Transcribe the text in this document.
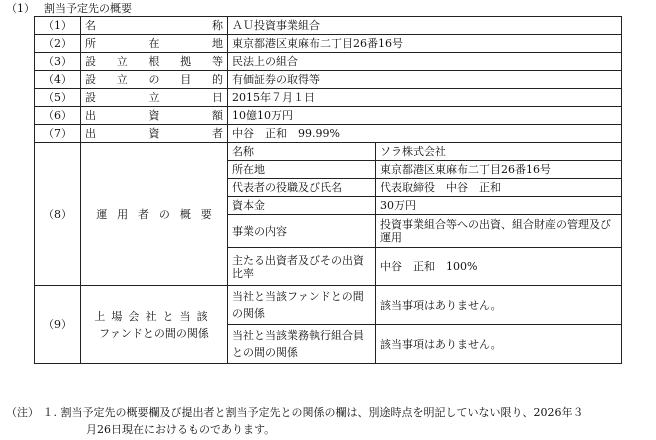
（1） 割当予定先の概要
（1）	名 称	ＡＵ投資事業組合	
（2）	所 在 地	東京都港区東麻布二丁目26番16号	
（3）	設 立 根 拠 等	民法上の組合	
（4）	設 立 の 目 的	有価証券の取得等	
（5）	設 立 日	2015年７月１日	
（6）	出 資 額	10億10万円	
（7）	出 資 者	中谷　正和　99.99%	
（8）	運用者の概要	名称	ソラ株式会社
		所在地	東京都港区東麻布二丁目26番16号
		代表者の役職及び氏名	代表取締役　中谷　正和
		資本金	30万円
		事業の内容	投資事業組合等への出資、組合財産の管理及び運用
		主たる出資者及びその出資比率	中谷　正和　100%
（9）	上場会社と当該
ファンドとの間の関係	当社と当該ファンドとの間の関係	該当事項はありません。
		当社と当該業務執行組合員との間の関係	該当事項はありません。
（注） １. 割当予定先の概要欄及び提出者と割当予定先との関係の欄は、別途時点を明記していない限り、2026年３
月26日現在におけるものであります。
